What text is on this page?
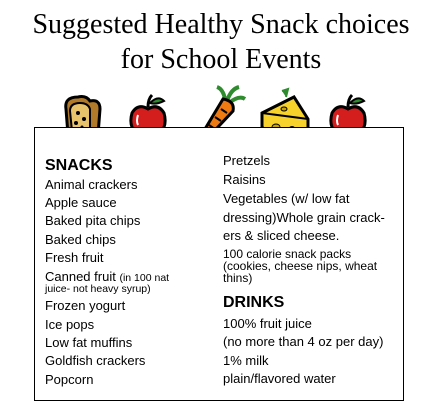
Suggested Healthy Snack choices
for School Events
SNACKS
Animal crackers
Apple sauce
Baked pita chips
Baked chips
Fresh fruit
Canned fruit (in 100 nat
juice- not heavy syrup)
Frozen yogurt
Ice pops
Low fat muffins
Goldfish crackers
Popcorn
Pretzels
Raisins
Vegetables (w/ low fat
dressing)Whole grain crack-
ers & sliced cheese.
100 calorie snack packs (cookies, cheese nips, wheat thins)
DRINKS
100% fruit juice
(no more than 4 oz per day)
1% milk
plain/flavored water
